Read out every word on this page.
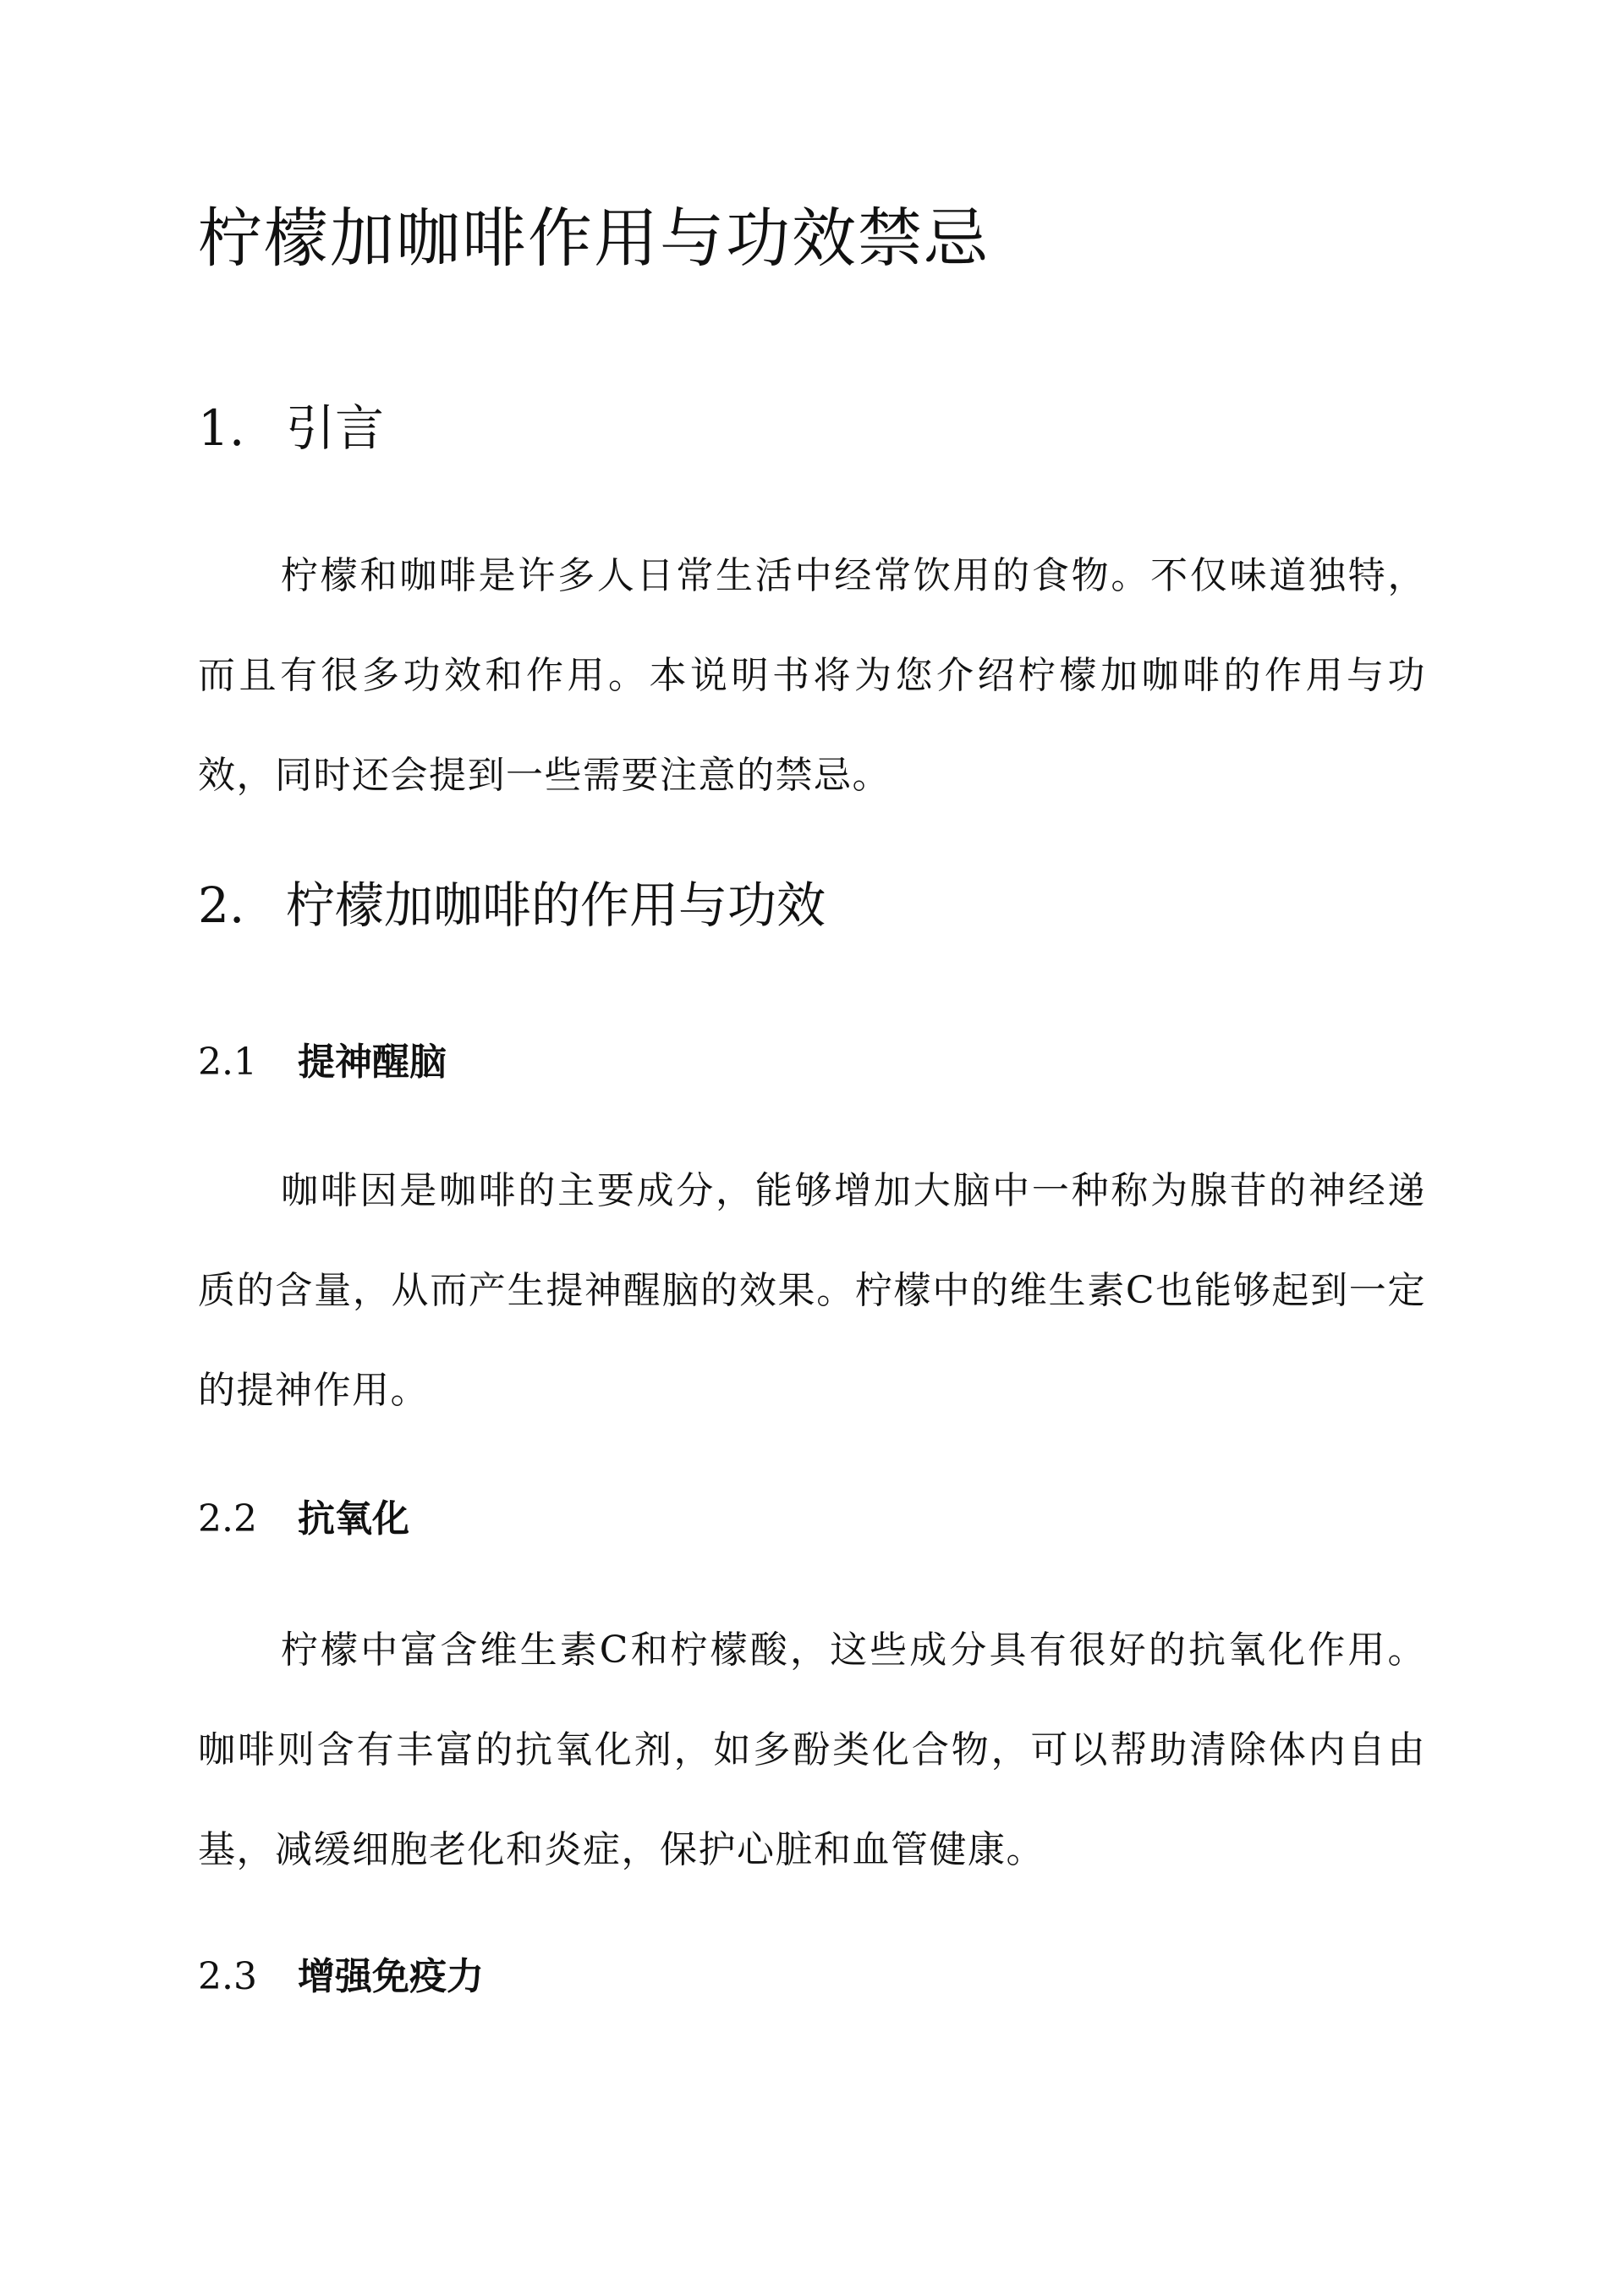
柠檬加咖啡作用与功效禁忌
1. 引言

柠檬和咖啡是许多人日常生活中经常饮用的食物。不仅味道独特，而且有很多功效和作用。本说明书将为您介绍柠檬加咖啡的作用与功效，同时还会提到一些需要注意的禁忌。

2. 柠檬加咖啡的作用与功效
2.1 提神醒脑

咖啡因是咖啡的主要成分，能够增加大脑中一种称为腺苷的神经递质的含量，从而产生提神醒脑的效果。柠檬中的维生素C也能够起到一定的提神作用。

2.2 抗氧化

柠檬中富含维生素C和柠檬酸，这些成分具有很好的抗氧化作用。咖啡则含有丰富的抗氧化剂，如多酚类化合物，可以帮助清除体内自由基，减缓细胞老化和炎症，保护心脏和血管健康。

2.3 增强免疫力
